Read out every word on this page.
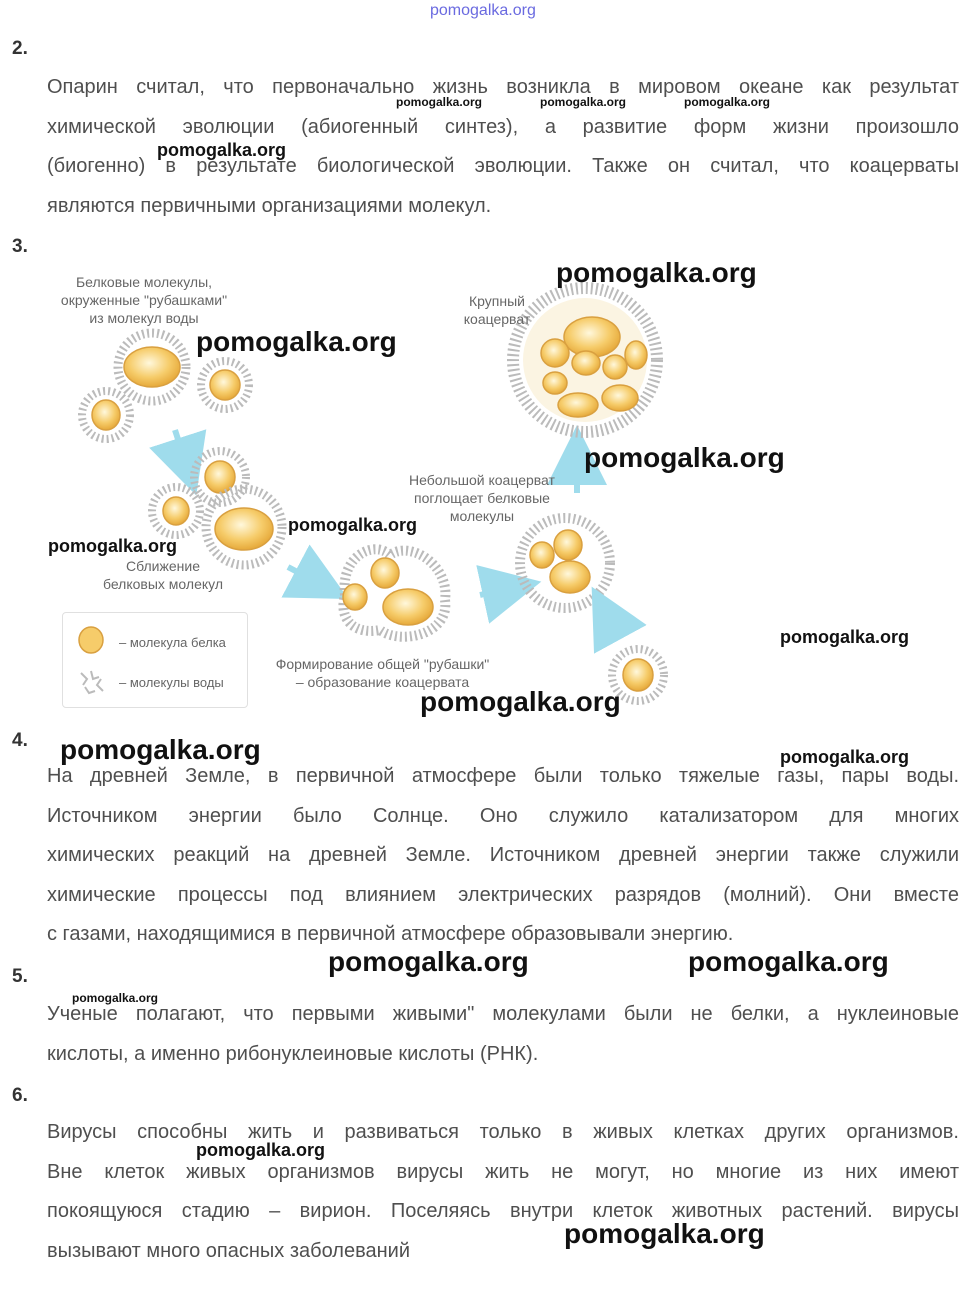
pomogalka.org
2.
Опарин считал, что первоначально жизнь возникла в мировом океане как результат
химической эволюции (абиогенный синтез), а развитие форм жизни произошло
(биогенно) в результате биологической эволюции. Также он считал, что коацерваты
являются первичными организациями молекул.
3.
Белковые молекулы,
окруженные "рубашками"
из молекул воды
Крупный
коацерват
Небольшой коацерват
поглощает белковые
молекулы
Сближение
белковых молекул
Формирование общей "рубашки"
– образование коацервата
– молекула белка
– молекулы воды
4.
На древней Земле, в первичной атмосфере были только тяжелые газы, пары воды.
Источником энергии было Солнце. Оно служило катализатором для многих
химических реакций на древней Земле. Источником древней энергии также служили
химические процессы под влиянием электрических разрядов (молний). Они вместе
с газами, находящимися в первичной атмосфере образовывали энергию.
5.
Ученые полагают, что первыми живыми" молекулами были не белки, а нуклеиновые
кислоты, а именно рибонуклеиновые кислоты (РНК).
6.
Вирусы способны жить и развиваться только в живых клетках других организмов.
Вне клеток живых организмов вирусы жить не могут, но многие из них имеют
покоящуюся стадию – вирион. Поселяясь внутри клеток животных растений. вирусы
вызывают много опасных заболеваний
pomogalka.org	pomogalka.org	pomogalka.org
pomogalka.org
pomogalka.org
pomogalka.org
pomogalka.org
pomogalka.org
pomogalka.org
pomogalka.org
pomogalka.org
pomogalka.org	pomogalka.org
pomogalka.org	pomogalka.org
pomogalka.org
pomogalka.org
pomogalka.org
